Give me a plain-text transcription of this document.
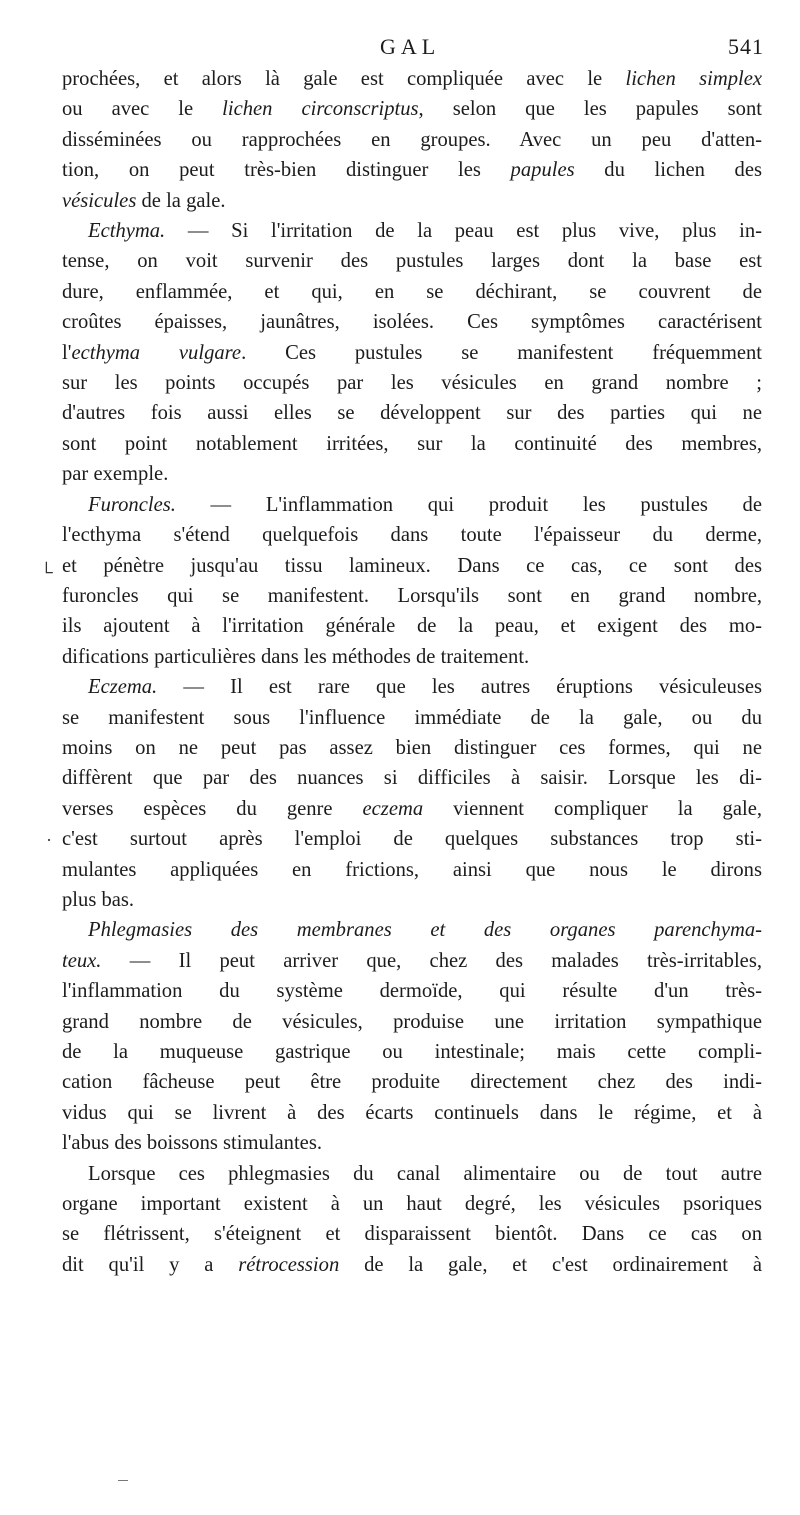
GAL	541
prochées, et alors là gale est compliquée avec le lichen simplex
ou avec le lichen circonscriptus, selon que les papules sont
disséminées ou rapprochées en groupes. Avec un peu d'atten-
tion, on peut très-bien distinguer les papules du lichen des
vésicules de la gale.
Ecthyma. — Si l'irritation de la peau est plus vive, plus in-
tense, on voit survenir des pustules larges dont la base est
dure, enflammée, et qui, en se déchirant, se couvrent de
croûtes épaisses, jaunâtres, isolées. Ces symptômes caractérisent
l'ecthyma vulgare. Ces pustules se manifestent fréquemment
sur les points occupés par les vésicules en grand nombre ;
d'autres fois aussi elles se développent sur des parties qui ne
sont point notablement irritées, sur la continuité des membres,
par exemple.
Furoncles. — L'inflammation qui produit les pustules de
l'ecthyma s'étend quelquefois dans toute l'épaisseur du derme,
et pénètre jusqu'au tissu lamineux. Dans ce cas, ce sont des
furoncles qui se manifestent. Lorsqu'ils sont en grand nombre,
ils ajoutent à l'irritation générale de la peau, et exigent des mo-
difications particulières dans les méthodes de traitement.
Eczema. — Il est rare que les autres éruptions vésiculeuses
se manifestent sous l'influence immédiate de la gale, ou du
moins on ne peut pas assez bien distinguer ces formes, qui ne
diffèrent que par des nuances si difficiles à saisir. Lorsque les di-
verses espèces du genre eczema viennent compliquer la gale,
c'est surtout après l'emploi de quelques substances trop sti-
mulantes appliquées en frictions, ainsi que nous le dirons
plus bas.
Phlegmasies des membranes et des organes parenchyma-
teux. — Il peut arriver que, chez des malades très-irritables,
l'inflammation du système dermoïde, qui résulte d'un très-
grand nombre de vésicules, produise une irritation sympathique
de la muqueuse gastrique ou intestinale; mais cette compli-
cation fâcheuse peut être produite directement chez des indi-
vidus qui se livrent à des écarts continuels dans le régime, et à
l'abus des boissons stimulantes.
Lorsque ces phlegmasies du canal alimentaire ou de tout autre
organe important existent à un haut degré, les vésicules psoriques
se flétrissent, s'éteignent et disparaissent bientôt. Dans ce cas on
dit qu'il y a rétrocession de la gale, et c'est ordinairement à
└
·
